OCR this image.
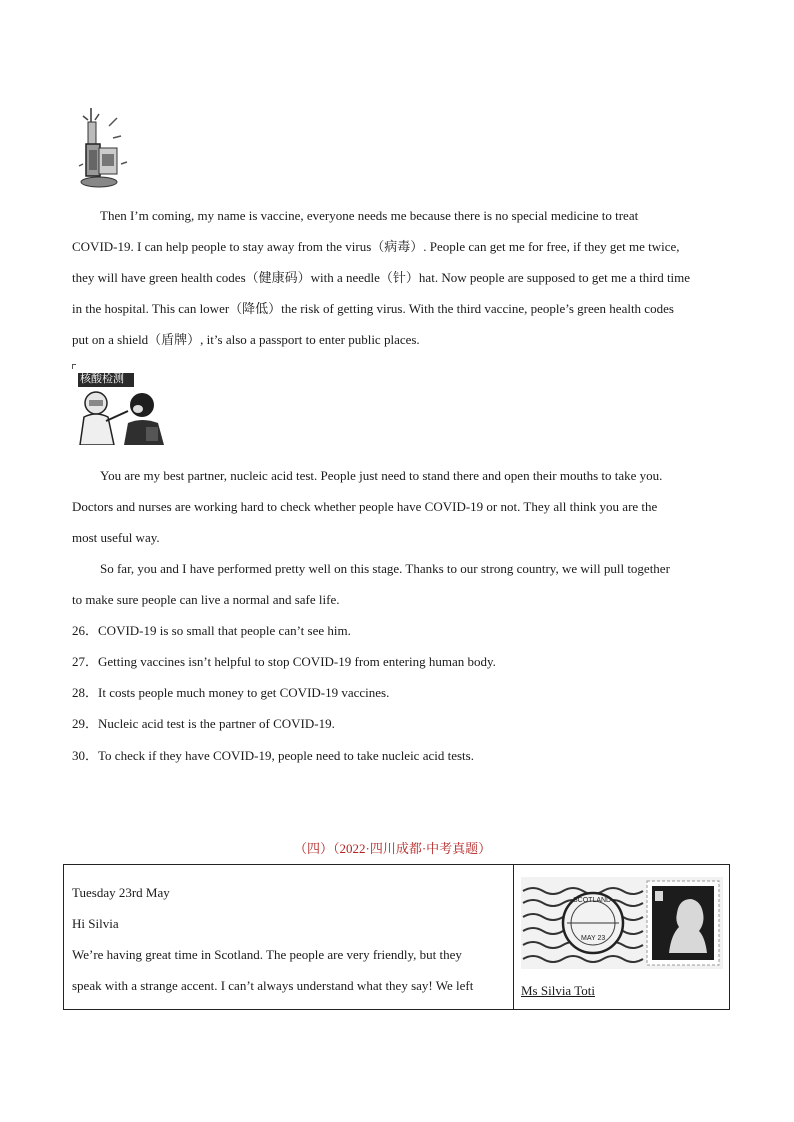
Then I’m coming, my name is vaccine, everyone needs me because there is no special medicine to treat
COVID-19. I can help people to stay away from the virus（病毒）. People can get me for free, if they get me twice,
they will have green health codes（健康码）with a needle（针）hat. Now people are supposed to get me a third time
in the hospital. This can lower（降低）the risk of getting virus. With the third vaccine, people’s green health codes
put on a shield（盾牌）, it’s also a passport to enter public places.
核酸检测
You are my best partner, nucleic acid test. People just need to stand there and open their mouths to take you.
Doctors and nurses are working hard to check whether people have COVID-19 or not. They all think you are the
most useful way.
So far, you and I have performed pretty well on this stage. Thanks to our strong country, we will pull together
to make sure people can live a normal and safe life.
26．COVID-19 is so small that people can’t see him.
27．Getting vaccines isn’t helpful to stop COVID-19 from entering human body.
28．It costs people much money to get COVID-19 vaccines.
29．Nucleic acid test is the partner of COVID-19.
30．To check if they have COVID-19, people need to take nucleic acid tests.
（四）（2022·四川成都·中考真题）
Tuesday 23rd May
Hi Silvia
We’re having great time in Scotland. The people are very friendly, but they
speak with a strange accent. I can’t always understand what they say! We left
SCOTLAND
MAY 23
Ms Silvia Toti
